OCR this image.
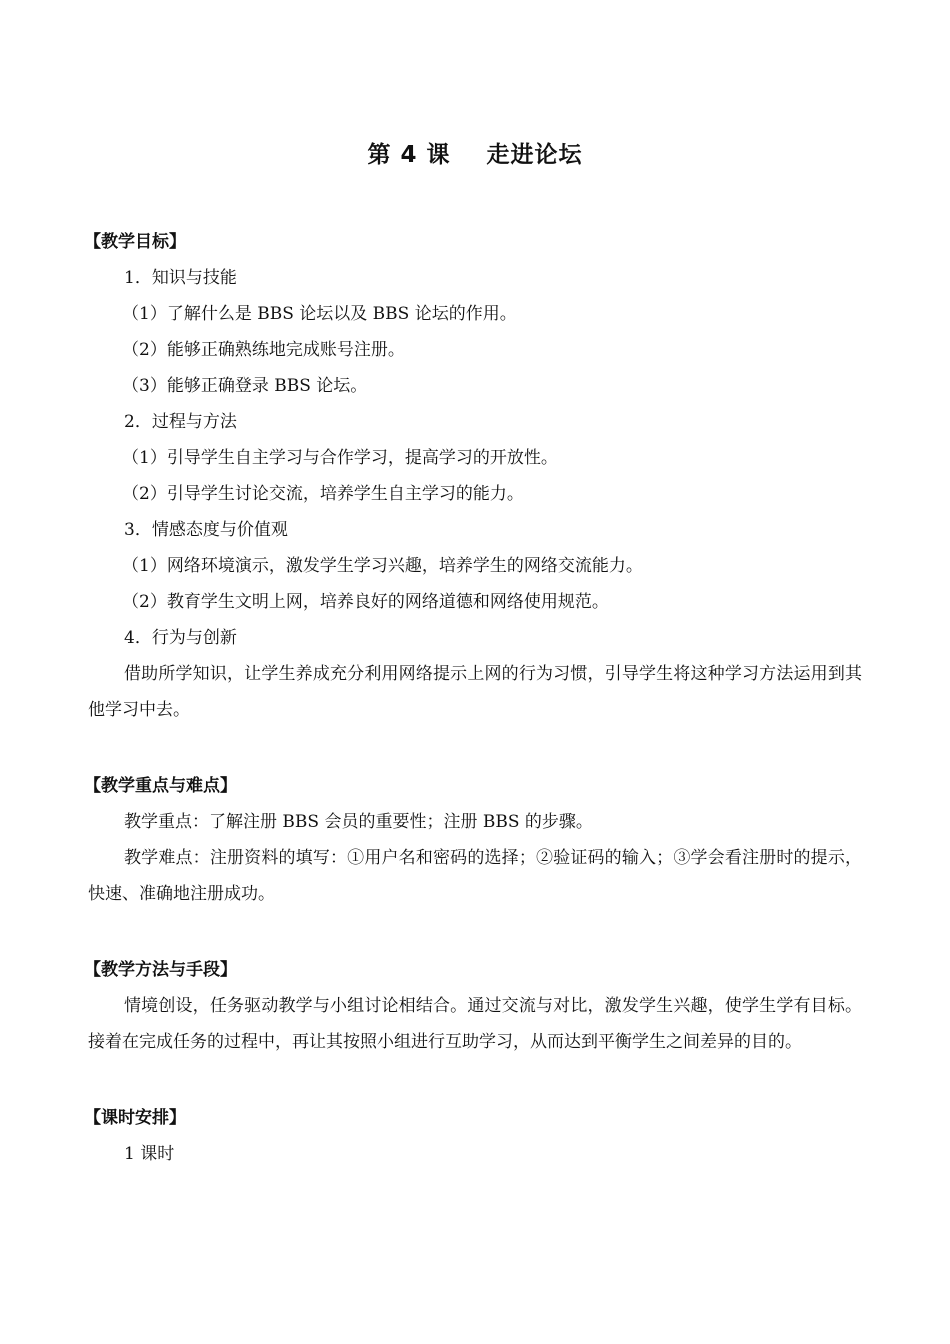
第 4 课    走进论坛
【教学目标】
1．知识与技能
（1）了解什么是 BBS 论坛以及 BBS 论坛的作用。
（2）能够正确熟练地完成账号注册。
（3）能够正确登录 BBS 论坛。
2．过程与方法
（1）引导学生自主学习与合作学习，提高学习的开放性。
（2）引导学生讨论交流，培养学生自主学习的能力。
3．情感态度与价值观
（1）网络环境演示，激发学生学习兴趣，培养学生的网络交流能力。
（2）教育学生文明上网，培养良好的网络道德和网络使用规范。
4．行为与创新
借助所学知识，让学生养成充分利用网络提示上网的行为习惯，引导学生将这种学习方法运用到其他学习中去。
【教学重点与难点】
教学重点：了解注册 BBS 会员的重要性；注册 BBS 的步骤。
教学难点：注册资料的填写：①用户名和密码的选择；②验证码的输入；③学会看注册时的提示，快速、准确地注册成功。
【教学方法与手段】
情境创设，任务驱动教学与小组讨论相结合。通过交流与对比，激发学生兴趣，使学生学有目标。接着在完成任务的过程中，再让其按照小组进行互助学习，从而达到平衡学生之间差异的目的。
【课时安排】
1 课时
